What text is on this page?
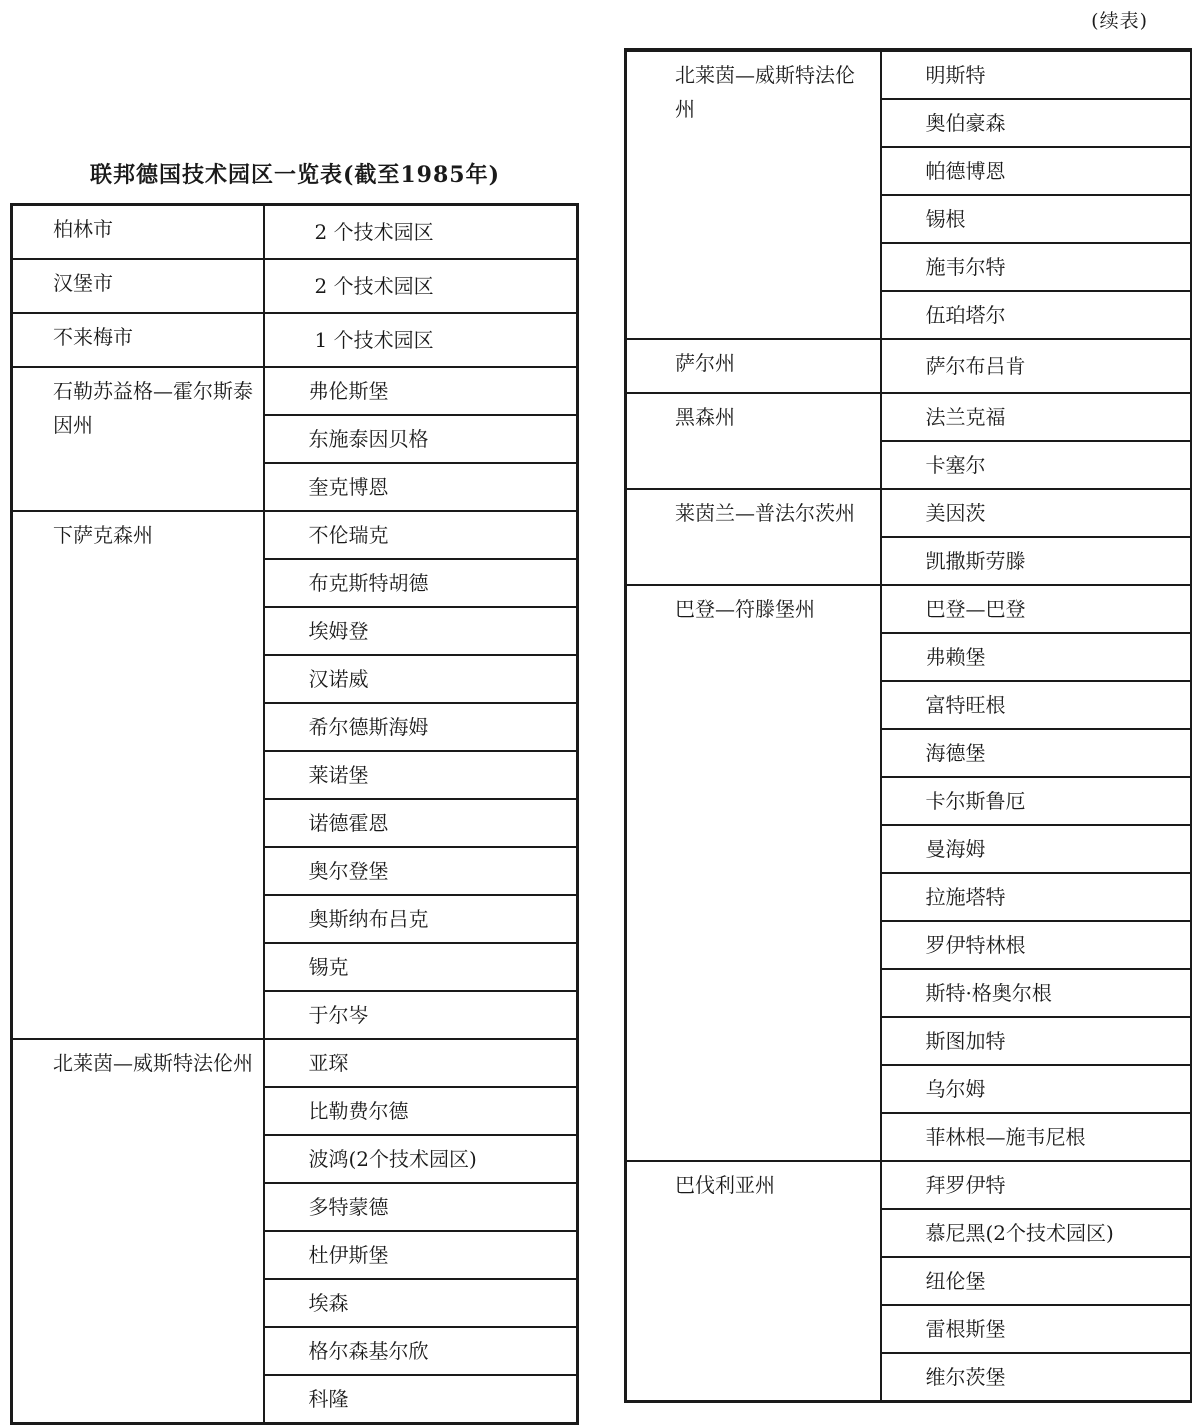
联邦德国技术园区一览表(截至1985年)
(续表)
柏林市	2 个技术园区
汉堡市	2 个技术园区
不来梅市	1 个技术园区
石勒苏益格—霍尔斯泰因州	弗伦斯堡
	东施泰因贝格
	奎克博恩
下萨克森州	不伦瑞克
	布克斯特胡德
	埃姆登
	汉诺威
	希尔德斯海姆
	莱诺堡
	诺德霍恩
	奥尔登堡
	奥斯纳布吕克
	锡克
	于尔岑
北莱茵—威斯特法伦州	亚琛
	比勒费尔德
	波鸿(2个技术园区)
	多特蒙德
	杜伊斯堡
	埃森
	格尔森基尔欣
	科隆
北莱茵—威斯特法伦州	明斯特
	奥伯豪森
	帕德博恩
	锡根
	施韦尔特
	伍珀塔尔
萨尔州	萨尔布吕肯
黑森州	法兰克福
	卡塞尔
莱茵兰—普法尔茨州	美因茨
	凯撒斯劳滕
巴登—符滕堡州	巴登—巴登
	弗赖堡
	富特旺根
	海德堡
	卡尔斯鲁厄
	曼海姆
	拉施塔特
	罗伊特林根
	斯特·格奥尔根
	斯图加特
	乌尔姆
	菲林根—施韦尼根
巴伐利亚州	拜罗伊特
	慕尼黑(2个技术园区)
	纽伦堡
	雷根斯堡
	维尔茨堡
